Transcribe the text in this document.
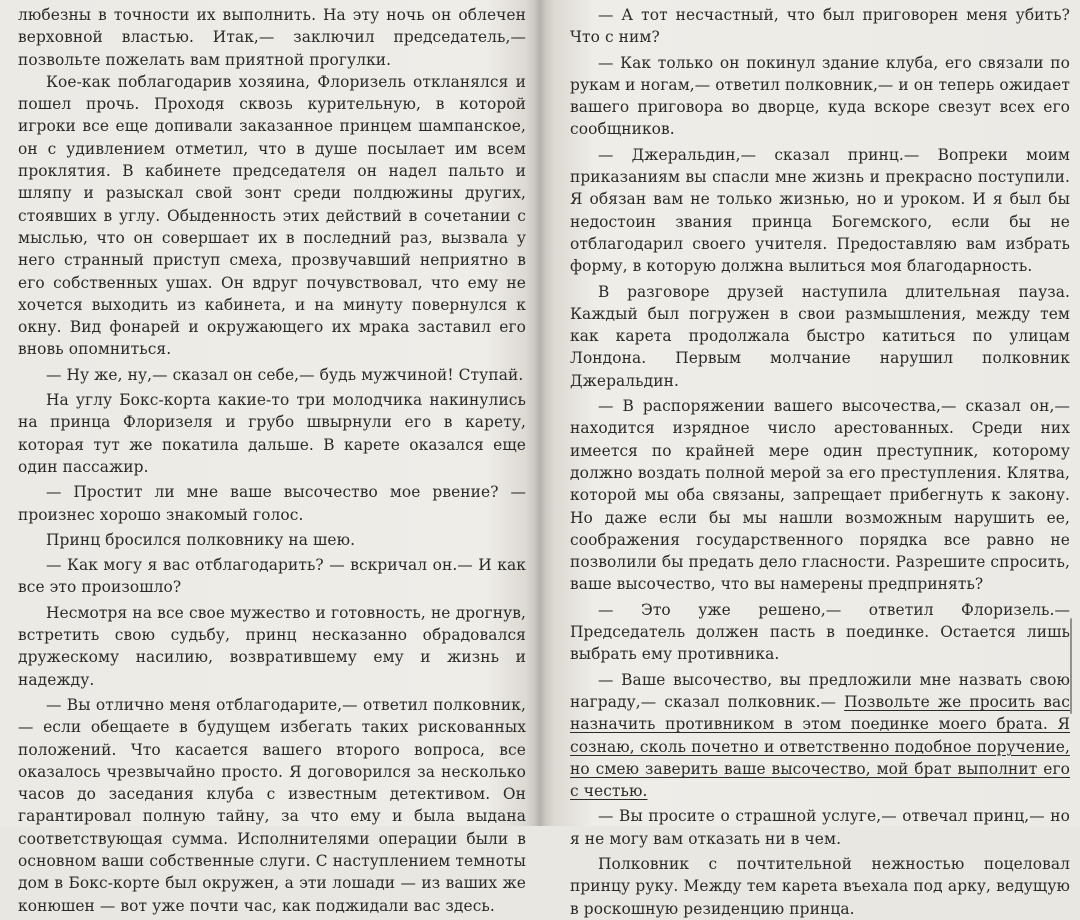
любезны в точности их выполнить. На эту ночь он облечен верховной властью. Итак,— заключил председатель,— позвольте пожелать вам приятной прогулки.

Кое-как поблагодарив хозяина, Флоризель откланялся и пошел прочь. Проходя сквозь курительную, в которой игроки все еще допивали заказанное принцем шампанское, он с удивлением отметил, что в душе посылает им всем проклятия. В кабинете председателя он надел пальто и шляпу и разыскал свой зонт среди полдюжины других, стоявших в углу. Обыденность этих действий в сочетании с мыслью, что он совершает их в последний раз, вызвала у него странный приступ смеха, прозвучавший неприятно в его собственных ушах. Он вдруг почувствовал, что ему не хочется выходить из кабинета, и на минуту повернулся к окну. Вид фонарей и окружающего их мрака заставил его вновь опомниться.

— Ну же, ну,— сказал он себе,— будь мужчиной! Ступай.

На углу Бокс-корта какие-то три молодчика накинулись на принца Флоризеля и грубо швырнули его в карету, которая тут же покатила дальше. В карете оказался еще один пассажир.

— Простит ли мне ваше высочество мое рвение? — произнес хорошо знакомый голос.

Принц бросился полковнику на шею.

— Как могу я вас отблагодарить? — вскричал он.— И как все это произошло?

Несмотря на все свое мужество и готовность, не дрогнув, встретить свою судьбу, принц несказанно обрадовался дружескому насилию, возвратившему ему и жизнь и надежду.

— Вы отлично меня отблагодарите,— ответил полковник,— если обещаете в будущем избегать таких рискованных положений. Что касается вашего второго вопроса, все оказалось чрезвычайно просто. Я договорился за несколько часов до заседания клуба с известным детективом. Он гарантировал полную тайну, за что ему и была выдана соответствующая сумма. Исполнителями операции были в основном ваши собственные слуги. С наступлением темноты дом в Бокс-корте был окружен, а эти лошади — из ваших же конюшен — вот уже почти час, как поджидали вас здесь.

— А тот несчастный, что был приговорен меня убить? Что с ним?

— Как только он покинул здание клуба, его связали по рукам и ногам,— ответил полковник,— и он теперь ожидает вашего приговора во дворце, куда вскоре свезут всех его сообщников.

— Джеральдин,— сказал принц.— Вопреки моим приказаниям вы спасли мне жизнь и прекрасно поступили. Я обязан вам не только жизнью, но и уроком. И я был бы недостоин звания принца Богемского, если бы не отблагодарил своего учителя. Предоставляю вам избрать форму, в которую должна вылиться моя благодарность.

В разговоре друзей наступила длительная пауза. Каждый был погружен в свои размышления, между тем как карета продолжала быстро катиться по улицам Лондона. Первым молчание нарушил полковник Джеральдин.

— В распоряжении вашего высочества,— сказал он,— находится изрядное число арестованных. Среди них имеется по крайней мере один преступник, которому должно воздать полной мерой за его преступления. Клятва, которой мы оба связаны, запрещает прибегнуть к закону. Но даже если бы мы нашли возможным нарушить ее, соображения государственного порядка все равно не позволили бы предать дело гласности. Разрешите спросить, ваше высочество, что вы намерены предпринять?

— Это уже решено,— ответил Флоризель.— Председатель должен пасть в поединке. Остается лишь выбрать ему противника.

— Ваше высочество, вы предложили мне назвать свою награду,— сказал полковник.— Позвольте же просить вас назначить противником в этом поединке моего брата. Я сознаю, сколь почетно и ответственно подобное поручение, но смею заверить ваше высочество, мой брат выполнит его с честью.

— Вы просите о страшной услуге,— отвечал принц,— но я не могу вам отказать ни в чем.

Полковник с почтительной нежностью поцеловал принцу руку. Между тем карета въехала под арку, ведущую в роскошную резиденцию принца.
